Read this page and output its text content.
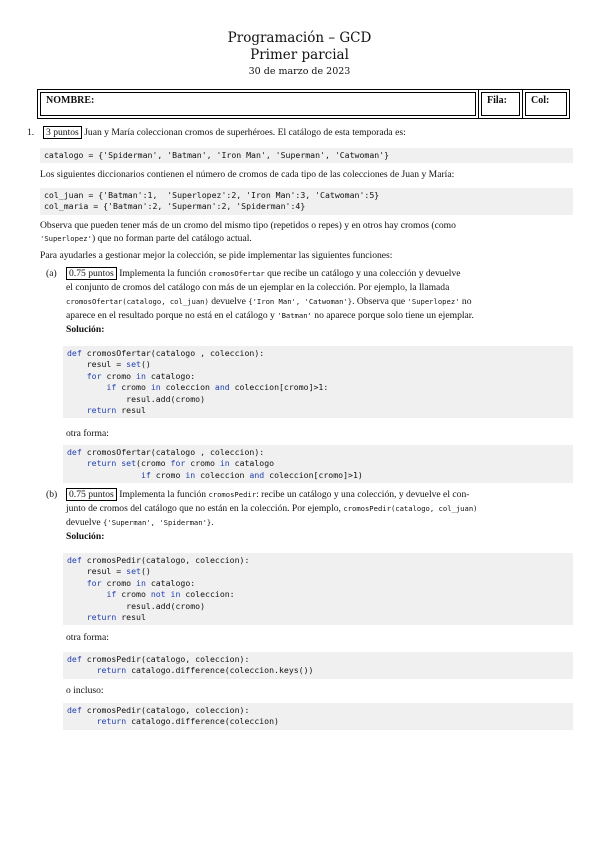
Programación – GCD
Primer parcial
30 de marzo de 2023
NOMBRE:	Fila: Col:
1.	3 puntos Juan y María coleccionan cromos de superhéroes. El catálogo de esta temporada es:
catalogo = {'Spiderman', 'Batman', 'Iron Man', 'Superman', 'Catwoman'}
Los siguientes diccionarios contienen el número de cromos de cada tipo de las colecciones de Juan y María:
col_juan = {'Batman':1,  'Superlopez':2, 'Iron Man':3, 'Catwoman':5}
col_maria = {'Batman':2, 'Superman':2, 'Spiderman':4}
Observa que pueden tener más de un cromo del mismo tipo (repetidos o repes) y en otros hay cromos (como
'Superlopez') que no forman parte del catálogo actual.
Para ayudarles a gestionar mejor la colección, se pide implementar las siguientes funciones:
(a)	0.75 puntos Implementa la función cromosOfertar que recibe un catálogo y una colección y devuelve
el conjunto de cromos del catálogo con más de un ejemplar en la colección. Por ejemplo, la llamada
cromosOfertar(catalogo, col_juan) devuelve {'Iron Man', 'Catwoman'}. Observa que 'Superlopez' no
aparece en el resultado porque no está en el catálogo y 'Batman' no aparece porque solo tiene un ejemplar.
Solución:
def cromosOfertar(catalogo , coleccion):
resul = set()
for cromo in catalogo:
if cromo in coleccion and coleccion[cromo]>1:
resul.add(cromo)
return resul
otra forma:
def cromosOfertar(catalogo , coleccion):
return set(cromo for cromo in catalogo
if cromo in coleccion and coleccion[cromo]>1)
(b)	0.75 puntos Implementa la función cromosPedir: recibe un catálogo y una colección, y devuelve el con-
junto de cromos del catálogo que no están en la colección. Por ejemplo, cromosPedir(catalogo, col_juan)
devuelve {'Superman', 'Spiderman'}.
Solución:
def cromosPedir(catalogo, coleccion):
resul = set()
for cromo in catalogo:
if cromo not in coleccion:
resul.add(cromo)
return resul
otra forma:
def cromosPedir(catalogo, coleccion):
return catalogo.difference(coleccion.keys())
o incluso:
def cromosPedir(catalogo, coleccion):
return catalogo.difference(coleccion)
